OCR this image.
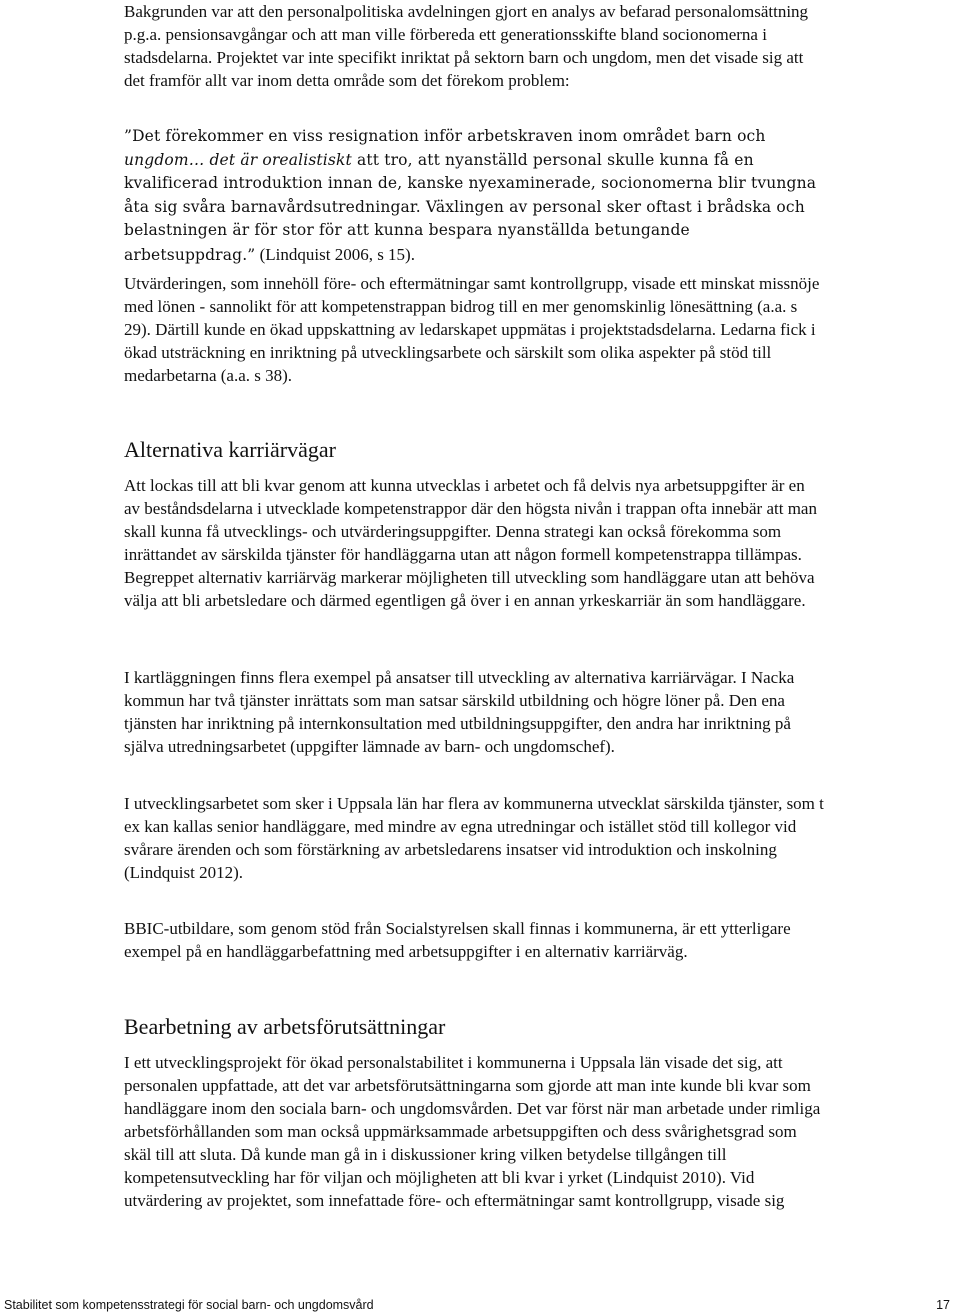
Bakgrunden var att den personalpolitiska avdelningen gjort en analys av befarad personalomsättning p.g.a. pensionsavgångar och att man ville förbereda ett generationsskifte bland socionomerna i stadsdelarna. Projektet var inte specifikt inriktat på sektorn barn och ungdom, men det visade sig att det framför allt var inom detta område som det förekom problem:

”Det förekommer en viss resignation inför arbetskraven inom området barn och ungdom… det är orealistiskt att tro, att nyanställd personal skulle kunna få en kvalificerad introduktion innan de, kanske nyexaminerade, socionomerna blir tvungna åta sig svåra barnavårdsutredningar. Växlingen av personal sker oftast i brådska och belastningen är för stor för att kunna bespara nyanställda betungande arbetsuppdrag.” (Lindquist 2006, s 15).

Utvärderingen, som innehöll före- och eftermätningar samt kontrollgrupp, visade ett minskat missnöje med lönen - sannolikt för att kompetenstrappan bidrog till en mer genomskinlig lönesättning (a.a. s 29). Därtill kunde en ökad uppskattning av ledarskapet uppmätas i projektstadsdelarna. Ledarna fick i ökad utsträckning en inriktning på utvecklingsarbete och särskilt som olika aspekter på stöd till medarbetarna (a.a. s 38).

Alternativa karriärvägar

Att lockas till att bli kvar genom att kunna utvecklas i arbetet och få delvis nya arbetsuppgifter är en av beståndsdelarna i utvecklade kompetenstrappor där den högsta nivån i trappan ofta innebär att man skall kunna få utvecklings- och utvärderingsuppgifter. Denna strategi kan också förekomma som inrättandet av särskilda tjänster för handläggarna utan att någon formell kompetenstrappa tillämpas. Begreppet alternativ karriärväg markerar möjligheten till utveckling som handläggare utan att behöva välja att bli arbetsledare och därmed egentligen gå över i en annan yrkeskarriär än som handläggare.

I kartläggningen finns flera exempel på ansatser till utveckling av alternativa karriärvägar. I Nacka kommun har två tjänster inrättats som man satsar särskild utbildning och högre löner på. Den ena tjänsten har inriktning på internkonsultation med utbildningsuppgifter, den andra har inriktning på själva utredningsarbetet (uppgifter lämnade av barn- och ungdomschef).

I utvecklingsarbetet som sker i Uppsala län har flera av kommunerna utvecklat särskilda tjänster, som t ex kan kallas senior handläggare, med mindre av egna utredningar och istället stöd till kollegor vid svårare ärenden och som förstärkning av arbetsledarens insatser vid introduktion och inskolning (Lindquist 2012).

BBIC-utbildare, som genom stöd från Socialstyrelsen skall finnas i kommunerna, är ett ytterligare exempel på en handläggarbefattning med arbetsuppgifter i en alternativ karriärväg.

Bearbetning av arbetsförutsättningar

I ett utvecklingsprojekt för ökad personalstabilitet i kommunerna i Uppsala län visade det sig, att personalen uppfattade, att det var arbetsförutsättningarna som gjorde att man inte kunde bli kvar som handläggare inom den sociala barn- och ungdomsvården. Det var först när man arbetade under rimliga arbetsförhållanden som man också uppmärksammade arbetsuppgiften och dess svårighetsgrad som skäl till att sluta. Då kunde man gå in i diskussioner kring vilken betydelse tillgången till kompetensutveckling har för viljan och möjligheten att bli kvar i yrket (Lindquist 2010). Vid utvärdering av projektet, som innefattade före- och eftermätningar samt kontrollgrupp, visade sig

Stabilitet som kompetensstrategi för social barn- och ungdomsvård	17
